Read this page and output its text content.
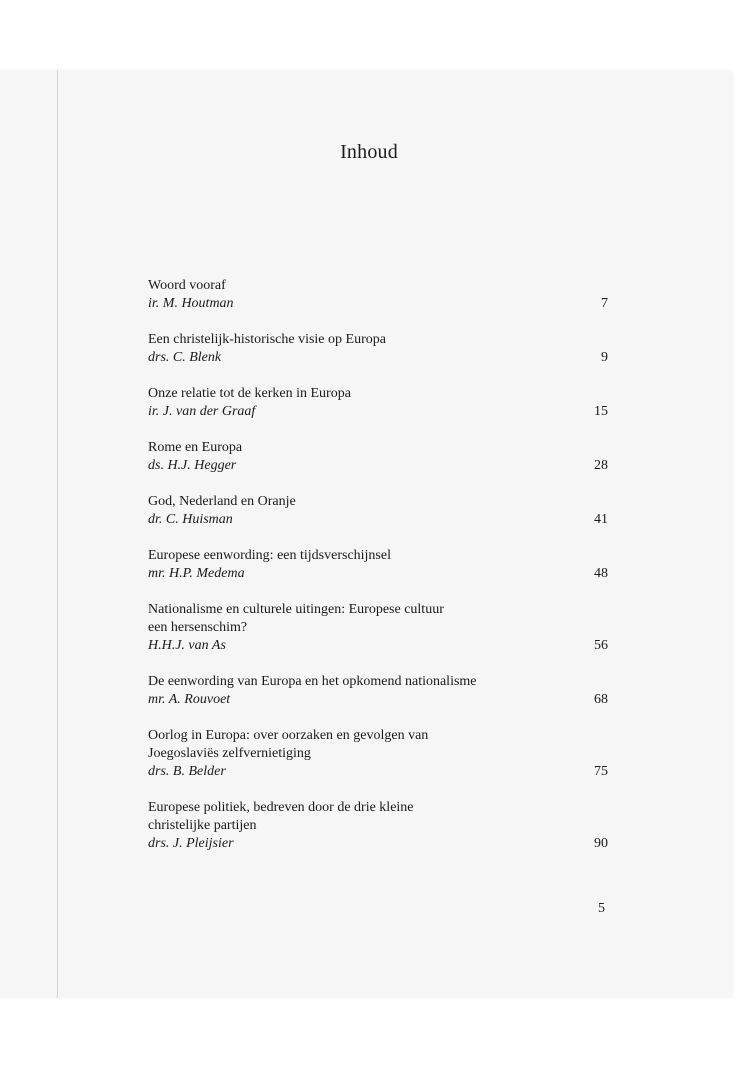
Inhoud
Woord vooraf
ir. M. Houtman	7
Een christelijk-historische visie op Europa
drs. C. Blenk	9
Onze relatie tot de kerken in Europa
ir. J. van der Graaf	15
Rome en Europa
ds. H.J. Hegger	28
God, Nederland en Oranje
dr. C. Huisman	41
Europese eenwording: een tijdsverschijnsel
mr. H.P. Medema	48
Nationalisme en culturele uitingen: Europese cultuur
een hersenschim?
H.H.J. van As	56
De eenwording van Europa en het opkomend nationalisme
mr. A. Rouvoet	68
Oorlog in Europa: over oorzaken en gevolgen van
Joegoslaviës zelfvernietiging
drs. B. Belder	75
Europese politiek, bedreven door de drie kleine
christelijke partijen
drs. J. Pleijsier	90
5
